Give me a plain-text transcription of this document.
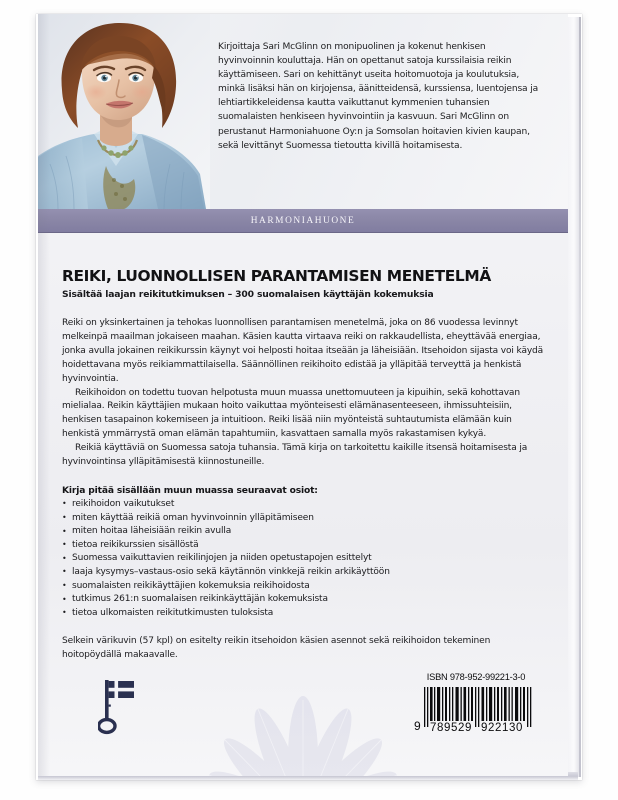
Kirjoittaja Sari McGlinn on monipuolinen ja kokenut henkisen hyvinvoinnin kouluttaja. Hän on opettanut satoja kurssilaisia reikin käyttämiseen. Sari on kehittänyt useita hoitomuotoja ja koulutuksia, minkä lisäksi hän on kirjojensa, äänitteidensä, kurssiensa, luentojensa ja lehtiartikkeleidensa kautta vaikuttanut kymmenien tuhansien suomalaisten henkiseen hyvinvointiin ja kasvuun. Sari McGlinn on perustanut Harmoniahuone Oy:n ja Somsolan hoitavien kivien kaupan, sekä levittänyt Suomessa tietoutta kivillä hoitamisesta.
HARMONIAHUONE
REIKI, LUONNOLLISEN PARANTAMISEN MENETELMÄ
Sisältää laajan reikitutkimuksen – 300 suomalaisen käyttäjän kokemuksia

Reiki on yksinkertainen ja tehokas luonnollisen parantamisen menetelmä, joka on 86 vuodessa levinnyt melkeinpä maailman jokaiseen maahan. Käsien kautta virtaava reiki on rakkaudellista, eheyttävää energiaa, jonka avulla jokainen reikikurssin käynyt voi helposti hoitaa itseään ja läheisiään. Itsehoidon sijasta voi käydä hoidettavana myös reikiammattilaisella. Säännöllinen reikihoito edistää ja ylläpitää terveyttä ja henkistä hyvinvointia.

Reikihoidon on todettu tuovan helpotusta muun muassa unettomuuteen ja kipuihin, sekä kohottavan mielialaa. Reikin käyttäjien mukaan hoito vaikuttaa myönteisesti elämänasenteeseen, ihmissuhteisiin, henkisen tasapainon kokemiseen ja intuitioon. Reiki lisää niin myönteistä suhtautumista elämään kuin henkistä ymmärrystä oman elämän tapahtumiin, kasvattaen samalla myös rakastamisen kykyä.

Reikiä käyttäviä on Suomessa satoja tuhansia. Tämä kirja on tarkoitettu kaikille itsensä hoitamisesta ja hyvinvointinsa ylläpitämisestä kiinnostuneille.

Kirja pitää sisällään muun muassa seuraavat osiot:
• reikihoidon vaikutukset
• miten käyttää reikiä oman hyvinvoinnin ylläpitämiseen
• miten hoitaa läheisiään reikin avulla
• tietoa reikikurssien sisällöstä
• Suomessa vaikuttavien reikilinjojen ja niiden opetustapojen esittelyt
• laaja kysymys–vastaus-osio sekä käytännön vinkkejä reikin arkikäyttöön
• suomalaisten reikikäyttäjien kokemuksia reikihoidosta
• tutkimus 261:n suomalaisen reikinkäyttäjän kokemuksista
• tietoa ulkomaisten reikitutkimusten tuloksista
Selkein värikuvin (57 kpl) on esitelty reikin itsehoidon käsien asennot sekä reikihoidon tekeminen hoitopöydällä makaavalle.
ISBN 978-952-99221-3-0
9 789529 922130
